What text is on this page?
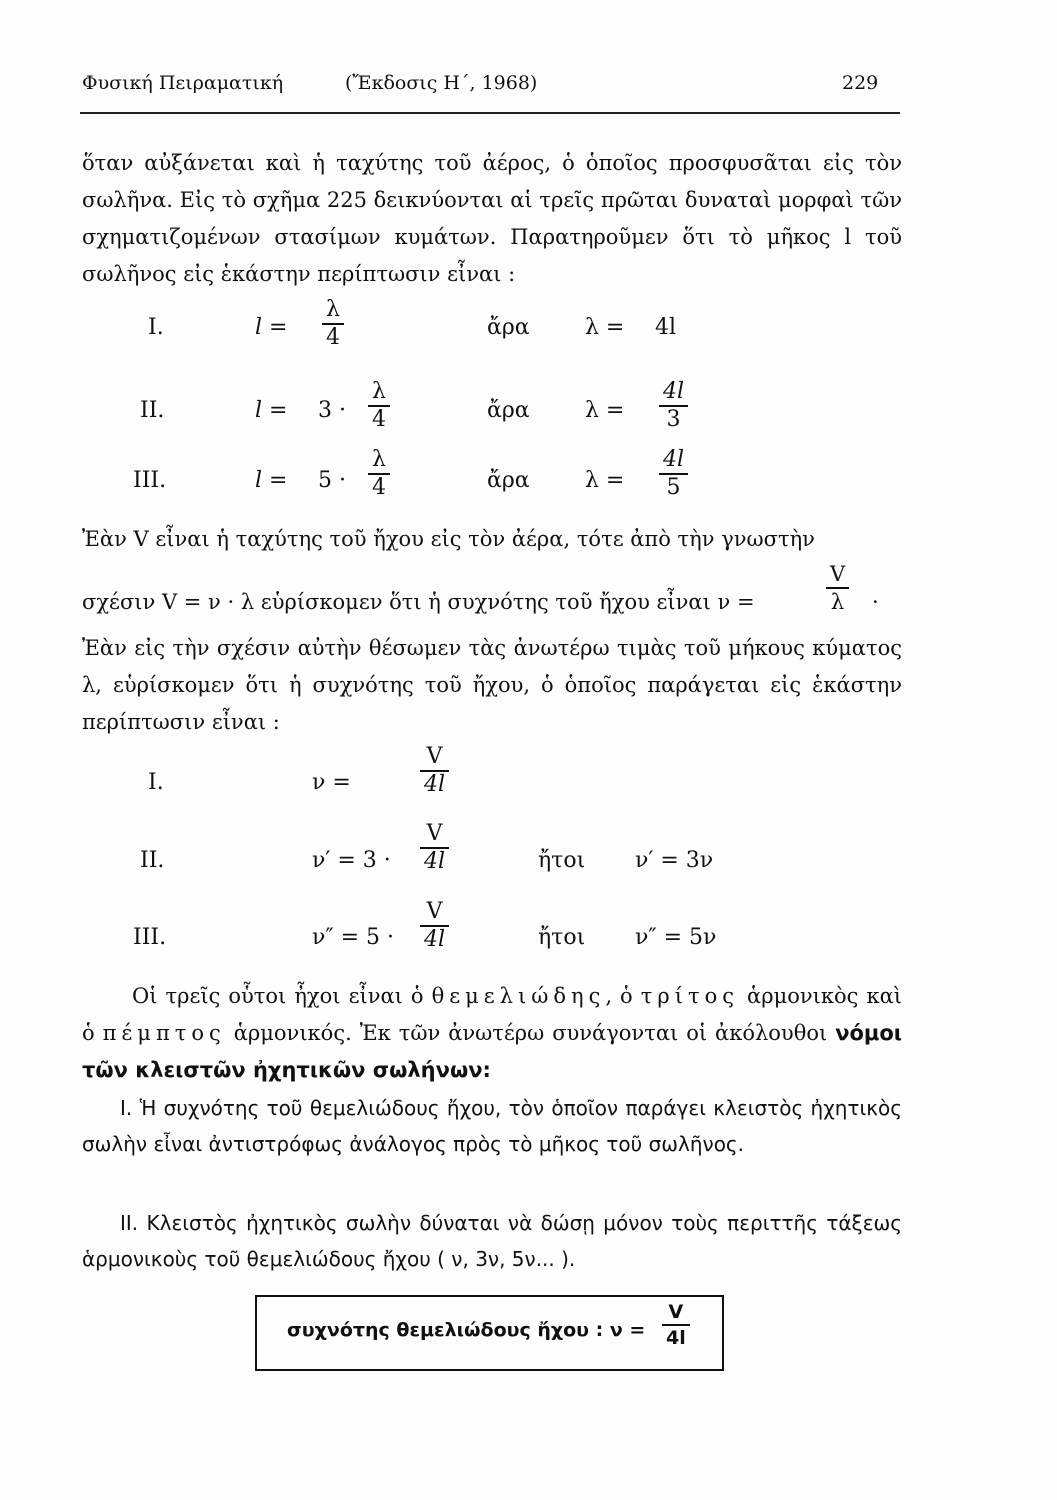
Φυσική Πειραματική	(Ἔκδοσις Η΄, 1968)	229
ὅταν αὐξάνεται καὶ ἡ ταχύτης τοῦ ἀέρος, ὁ ὁποῖος προσφυσᾶται εἰς τὸν σωλῆνα. Εἰς τὸ σχῆμα 225 δεικνύονται αἱ τρεῖς πρῶται δυναταὶ μορφαὶ τῶν σχηματιζομένων στασίμων κυμάτων. Παρατηροῦμεν ὅτι τὸ μῆκος l τοῦ σωλῆνος εἰς ἑκάστην περίπτωσιν εἶναι :
I.	l =
λ
4	ἄρα	λ = 4l
II.	l = 3 ·
λ
4	ἄρα	λ =
4l
3
III.	l = 5 ·
λ
4	ἄρα	λ =
4l
5
Ἐὰν V εἶναι ἡ ταχύτης τοῦ ἤχου εἰς τὸν ἀέρα, τότε ἀπὸ τὴν γνωστὴν
σχέσιν V = ν · λ εὑρίσκομεν ὅτι ἡ συχνότης τοῦ ἤχου εἶναι ν =
V
λ ·
Ἐὰν εἰς τὴν σχέσιν αὐτὴν θέσωμεν τὰς ἀνωτέρω τιμὰς τοῦ μήκους κύματος λ, εὑρίσκομεν ὅτι ἡ συχνότης τοῦ ἤχου, ὁ ὁποῖος παράγεται εἰς ἑκάστην περίπτωσιν εἶναι :
I.	ν =
V
4l
II.	ν′ = 3 ·
V
4l	ἤτοι ν′ = 3ν
III.	ν″ = 5 ·
V
4l	ἤτοι ν″ = 5ν
Οἱ τρεῖς οὗτοι ἦχοι εἶναι ὁ θεμελιώδης, ὁ τρίτος ἁρμονικὸς καὶ ὁ πέμπτος ἁρμονικός. Ἐκ τῶν ἀνωτέρω συνάγονται οἱ ἀκόλουθοι νόμοι τῶν κλειστῶν ἠχητικῶν σωλήνων:
I. Ἡ συχνότης τοῦ θεμελιώδους ἤχου, τὸν ὁποῖον παράγει κλειστὸς ἠχητικὸς σωλὴν εἶναι ἀντιστρόφως ἀνάλογος πρὸς τὸ μῆκος τοῦ σωλῆνος.
II. Κλειστὸς ἠχητικὸς σωλὴν δύναται νὰ δώσῃ μόνον τοὺς περιττῆς τάξεως ἁρμονικοὺς τοῦ θεμελιώδους ἤχου ( ν, 3ν, 5ν... ).
συχνότης θεμελιώδους ἤχου : ν =
V
4l
